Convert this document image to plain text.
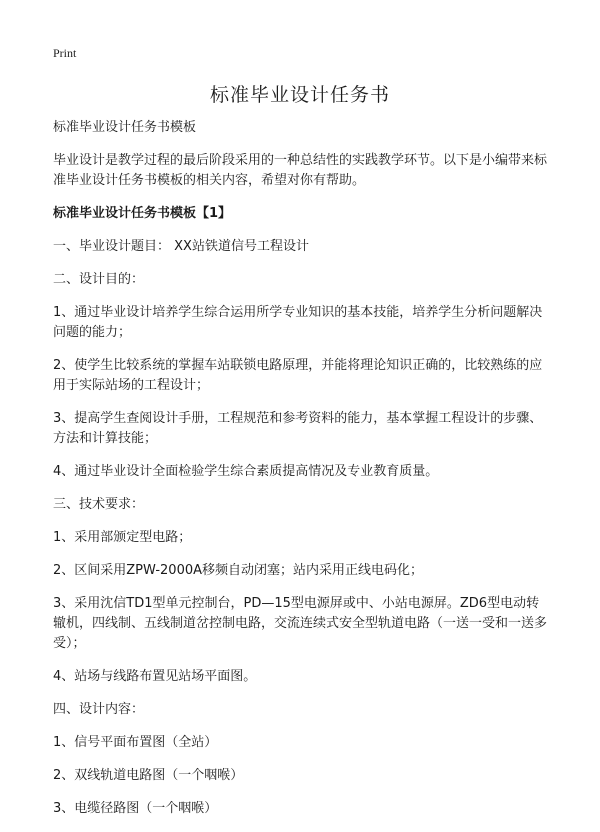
Print
标准毕业设计任务书

标准毕业设计任务书模板

毕业设计是教学过程的最后阶段采用的一种总结性的实践教学环节。以下是小编带来标准毕业设计任务书模板的相关内容，希望对你有帮助。

标准毕业设计任务书模板【1】

一、毕业设计题目： XX站铁道信号工程设计

二、设计目的：

1、通过毕业设计培养学生综合运用所学专业知识的基本技能，培养学生分析问题解决问题的能力；

2、使学生比较系统的掌握车站联锁电路原理，并能将理论知识正确的，比较熟练的应用于实际站场的工程设计；

3、提高学生查阅设计手册，工程规范和参考资料的能力，基本掌握工程设计的步骤、方法和计算技能；

4、通过毕业设计全面检验学生综合素质提高情况及专业教育质量。

三、技术要求：

1、采用部颁定型电路；

2、区间采用ZPW-2000A移频自动闭塞；站内采用正线电码化；

3、采用沈信TD1型单元控制台，PD—15型电源屏或中、小站电源屏。ZD6型电动转辙机，四线制、五线制道岔控制电路，交流连续式安全型轨道电路（一送一受和一送多受）；

4、站场与线路布置见站场平面图。

四、设计内容：

1、信号平面布置图（全站）

2、双线轨道电路图（一个咽喉）

3、电缆径路图（一个咽喉）
